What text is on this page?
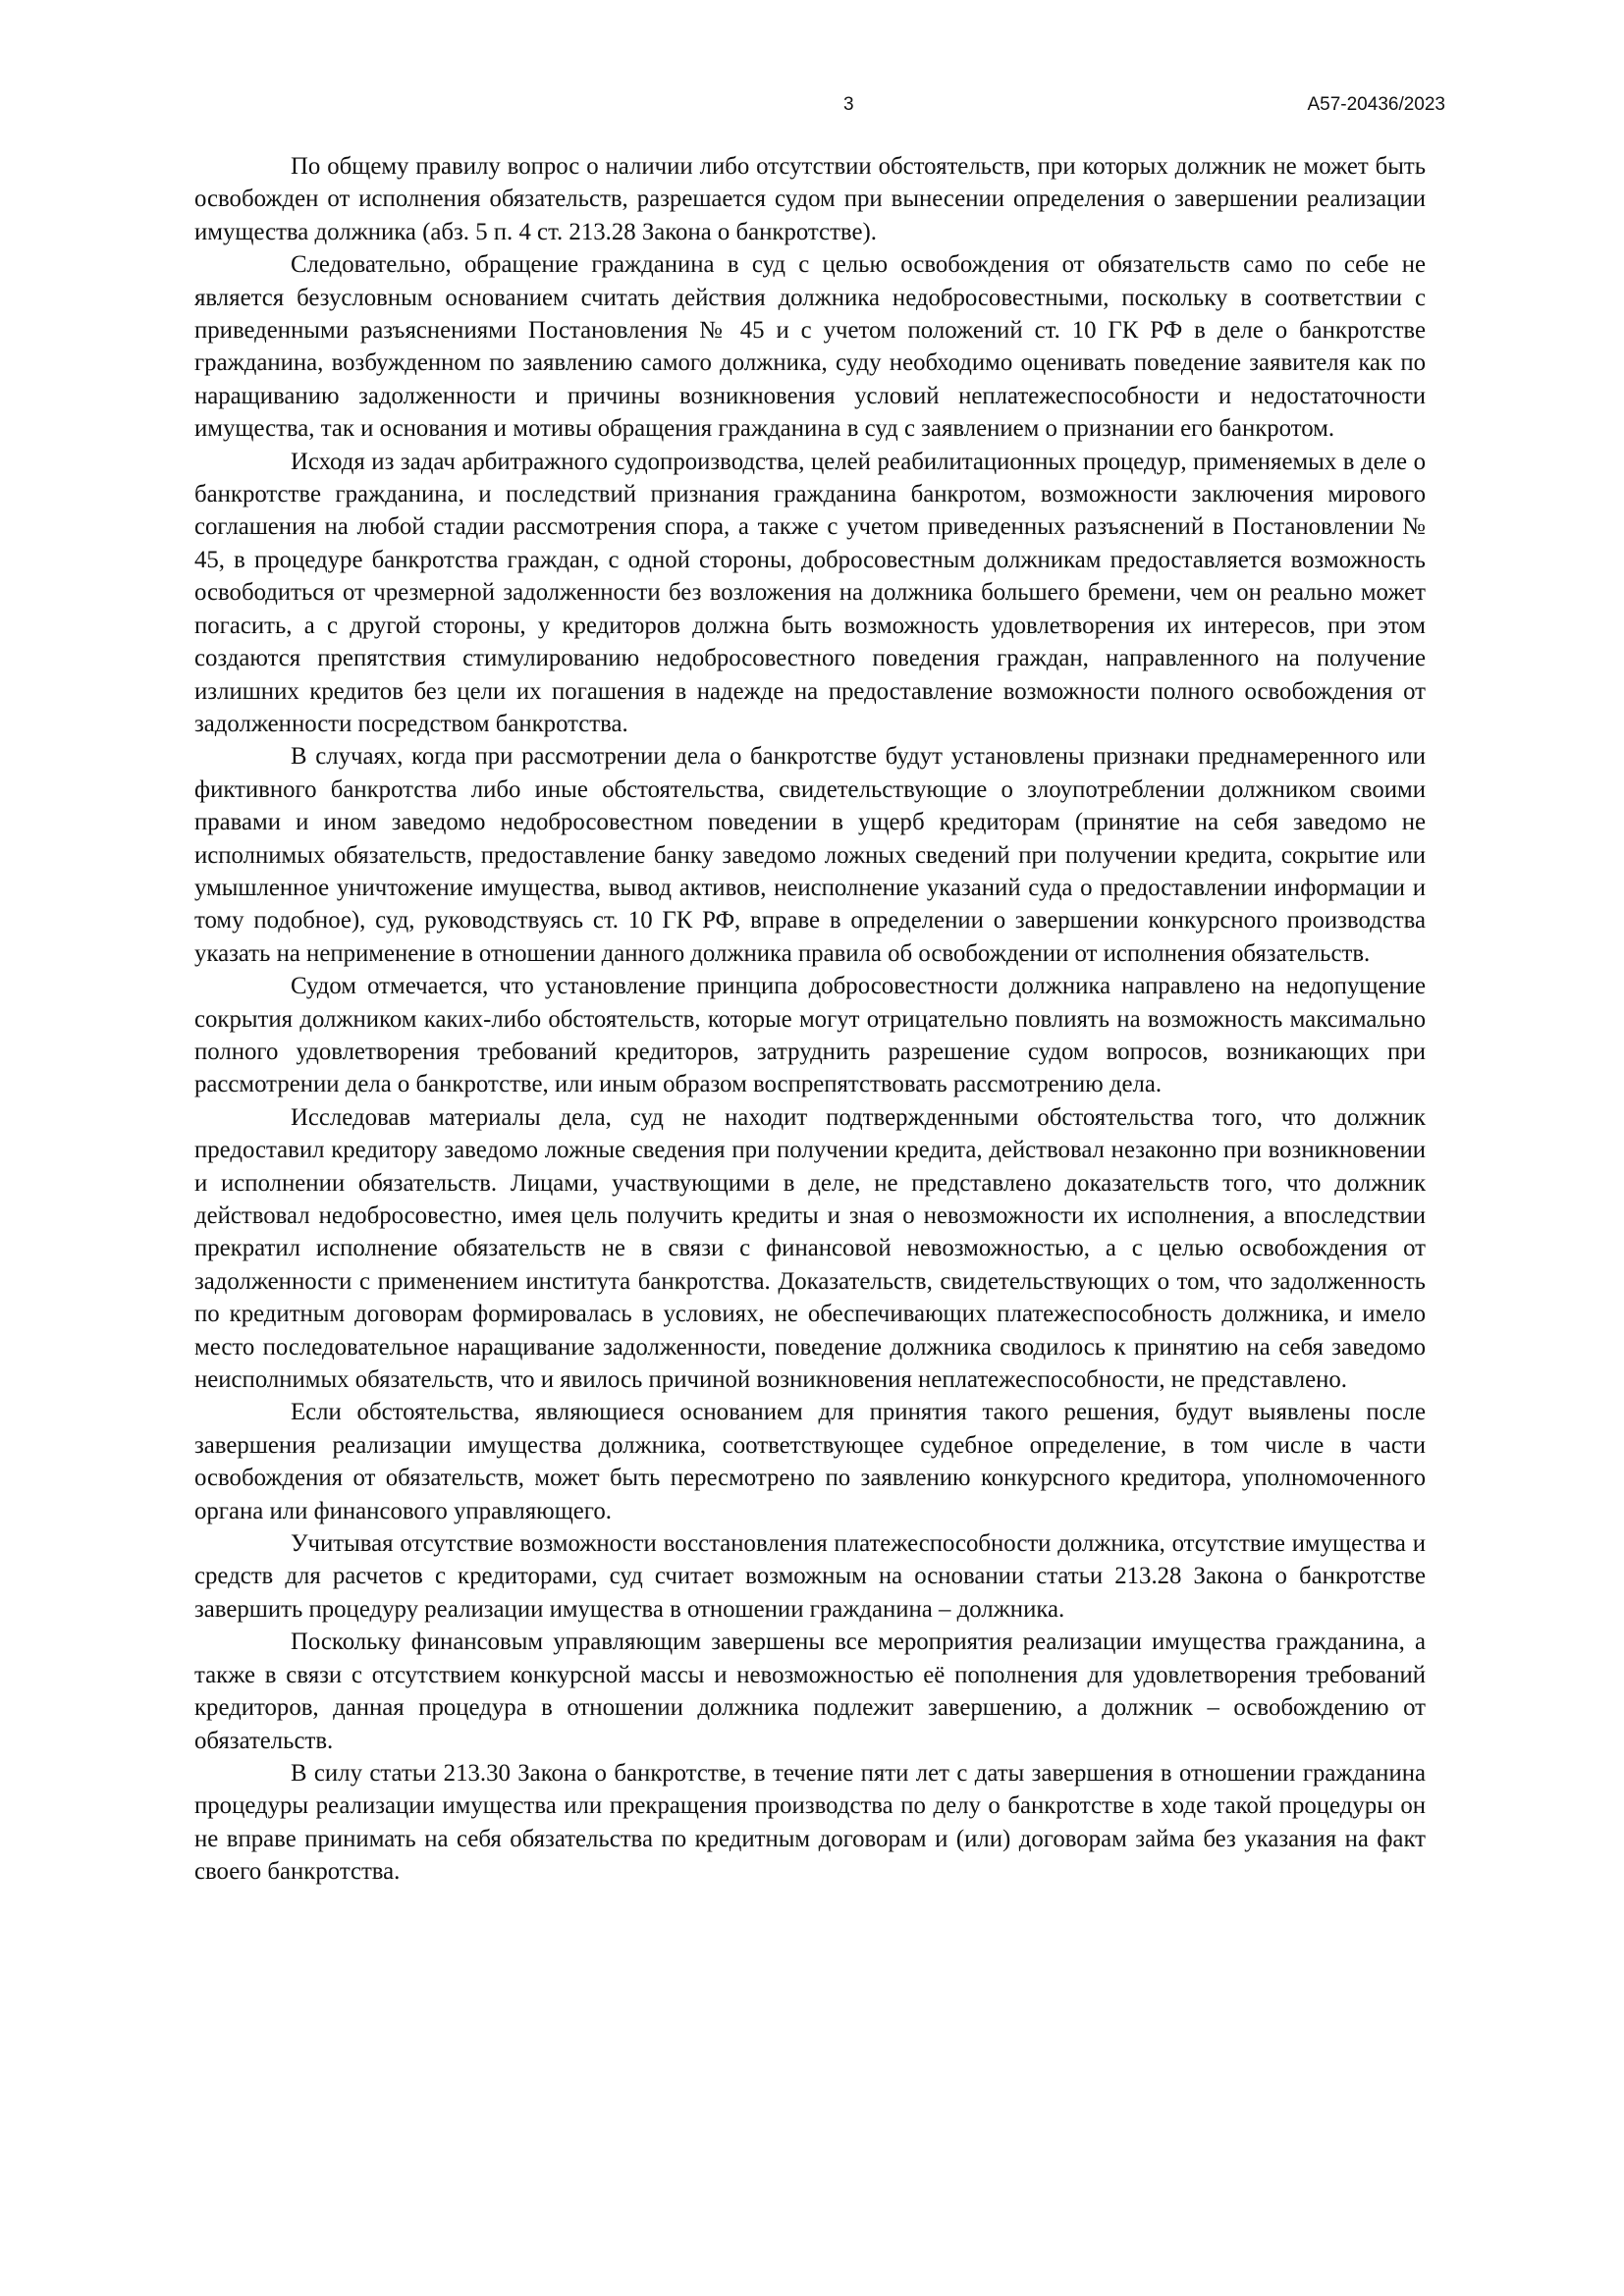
3	А57-20436/2023

По общему правилу вопрос о наличии либо отсутствии обстоятельств, при которых должник не может быть освобожден от исполнения обязательств, разрешается судом при вынесении определения о завершении реализации имущества должника (абз. 5 п. 4 ст. 213.28 Закона о банкротстве).

Следовательно, обращение гражданина в суд с целью освобождения от обязательств само по себе не является безусловным основанием считать действия должника недобросовестными, поскольку в соответствии с приведенными разъяснениями Постановления № 45 и с учетом положений ст. 10 ГК РФ в деле о банкротстве гражданина, возбужденном по заявлению самого должника, суду необходимо оценивать поведение заявителя как по наращиванию задолженности и причины возникновения условий неплатежеспособности и недостаточности имущества, так и основания и мотивы обращения гражданина в суд с заявлением о признании его банкротом.

Исходя из задач арбитражного судопроизводства, целей реабилитационных процедур, применяемых в деле о банкротстве гражданина, и последствий признания гражданина банкротом, возможности заключения мирового соглашения на любой стадии рассмотрения спора, а также с учетом приведенных разъяснений в Постановлении № 45, в процедуре банкротства граждан, с одной стороны, добросовестным должникам предоставляется возможность освободиться от чрезмерной задолженности без возложения на должника большего бремени, чем он реально может погасить, а с другой стороны, у кредиторов должна быть возможность удовлетворения их интересов, при этом создаются препятствия стимулированию недобросовестного поведения граждан, направленного на получение излишних кредитов без цели их погашения в надежде на предоставление возможности полного освобождения от задолженности посредством банкротства.

В случаях, когда при рассмотрении дела о банкротстве будут установлены признаки преднамеренного или фиктивного банкротства либо иные обстоятельства, свидетельствующие о злоупотреблении должником своими правами и ином заведомо недобросовестном поведении в ущерб кредиторам (принятие на себя заведомо не исполнимых обязательств, предоставление банку заведомо ложных сведений при получении кредита, сокрытие или умышленное уничтожение имущества, вывод активов, неисполнение указаний суда о предоставлении информации и тому подобное), суд, руководствуясь ст. 10 ГК РФ, вправе в определении о завершении конкурсного производства указать на неприменение в отношении данного должника правила об освобождении от исполнения обязательств.

Судом отмечается, что установление принципа добросовестности должника направлено на недопущение сокрытия должником каких-либо обстоятельств, которые могут отрицательно повлиять на возможность максимально полного удовлетворения требований кредиторов, затруднить разрешение судом вопросов, возникающих при рассмотрении дела о банкротстве, или иным образом воспрепятствовать рассмотрению дела.

Исследовав материалы дела, суд не находит подтвержденными обстоятельства того, что должник предоставил кредитору заведомо ложные сведения при получении кредита, действовал незаконно при возникновении и исполнении обязательств. Лицами, участвующими в деле, не представлено доказательств того, что должник действовал недобросовестно, имея цель получить кредиты и зная о невозможности их исполнения, а впоследствии прекратил исполнение обязательств не в связи с финансовой невозможностью, а с целью освобождения от задолженности с применением института банкротства. Доказательств, свидетельствующих о том, что задолженность по кредитным договорам формировалась в условиях, не обеспечивающих платежеспособность должника, и имело место последовательное наращивание задолженности, поведение должника сводилось к принятию на себя заведомо неисполнимых обязательств, что и явилось причиной возникновения неплатежеспособности, не представлено.

Если обстоятельства, являющиеся основанием для принятия такого решения, будут выявлены после завершения реализации имущества должника, соответствующее судебное определение, в том числе в части освобождения от обязательств, может быть пересмотрено по заявлению конкурсного кредитора, уполномоченного органа или финансового управляющего.

Учитывая отсутствие возможности восстановления платежеспособности должника, отсутствие имущества и средств для расчетов с кредиторами, суд считает возможным на основании статьи 213.28 Закона о банкротстве завершить процедуру реализации имущества в отношении гражданина – должника.

Поскольку финансовым управляющим завершены все мероприятия реализации имущества гражданина, а также в связи с отсутствием конкурсной массы и невозможностью её пополнения для удовлетворения требований кредиторов, данная процедура в отношении должника подлежит завершению, а должник – освобождению от обязательств.

В силу статьи 213.30 Закона о банкротстве, в течение пяти лет с даты завершения в отношении гражданина процедуры реализации имущества или прекращения производства по делу о банкротстве в ходе такой процедуры он не вправе принимать на себя обязательства по кредитным договорам и (или) договорам займа без указания на факт своего банкротства.
